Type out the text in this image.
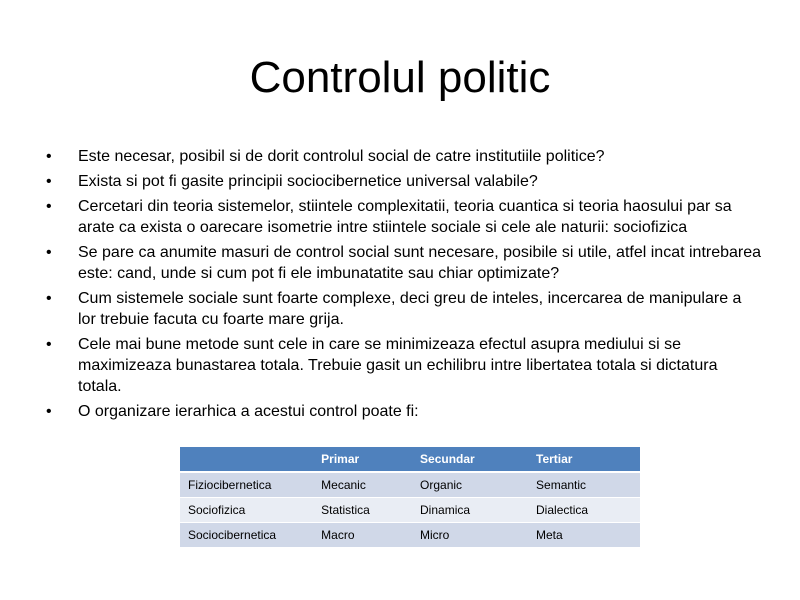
Controlul politic
•	Este necesar, posibil si de dorit controlul social de catre institutiile politice?
•	Exista si pot fi gasite principii sociocibernetice universal valabile?
•	Cercetari din teoria sistemelor, stiintele complexitatii, teoria cuantica si teoria haosului par sa arate ca exista o oarecare isometrie intre stiintele sociale si cele ale naturii: sociofizica
•	Se pare ca anumite masuri de control social sunt necesare, posibile si utile, atfel incat intrebarea este: cand, unde si cum pot fi ele imbunatatite sau chiar optimizate?
•	Cum sistemele sociale sunt foarte complexe, deci greu de inteles, incercarea de manipulare a lor trebuie facuta cu foarte mare grija.
•	Cele mai bune metode sunt cele in care se minimizeaza efectul asupra mediului si se maximizeaza bunastarea totala. Trebuie gasit un echilibru intre libertatea totala si dictatura totala.
•	O organizare ierarhica a acestui control poate fi:
	Primar	Secundar	Tertiar
Fiziocibernetica	Mecanic	Organic	Semantic
Sociofizica	Statistica	Dinamica	Dialectica
Sociocibernetica	Macro	Micro	Meta
